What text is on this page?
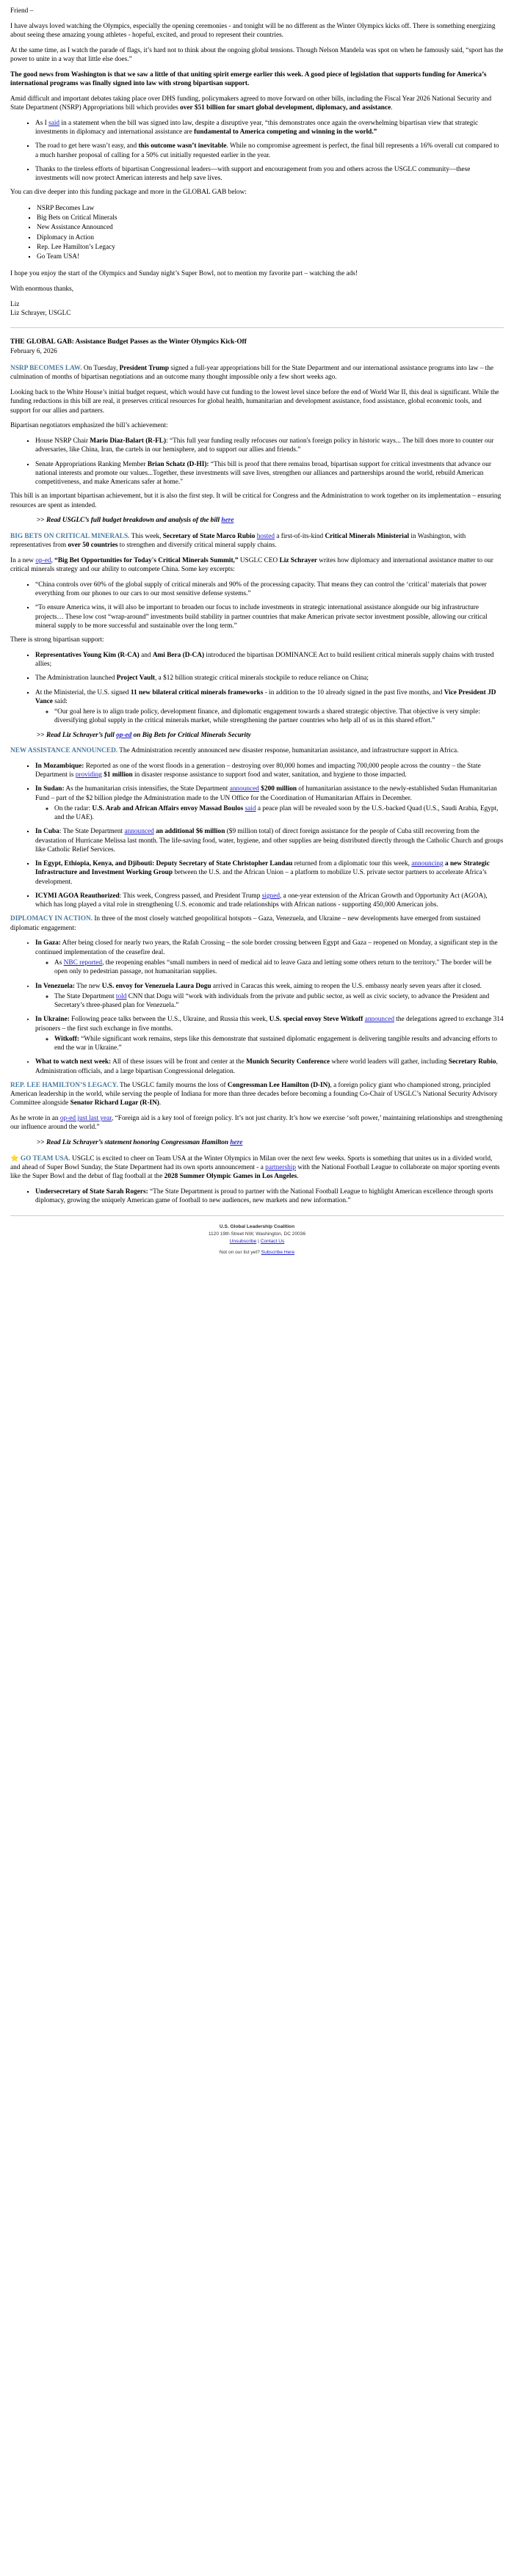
Friend –

I have always loved watching the Olympics, especially the opening ceremonies - and tonight will be no different as the Winter Olympics kicks off. There is something energizing about seeing these amazing young athletes - hopeful, excited, and proud to represent their countries.

At the same time, as I watch the parade of flags, it’s hard not to think about the ongoing global tensions. Though Nelson Mandela was spot on when he famously said, “sport has the power to unite in a way that little else does.”

The good news from Washington is that we saw a little of that uniting spirit emerge earlier this week. A good piece of legislation that supports funding for America’s international programs was finally signed into law with strong bipartisan support.

Amid difficult and important debates taking place over DHS funding, policymakers agreed to move forward on other bills, including the Fiscal Year 2026 National Security and State Department (NSRP) Appropriations bill which provides over $51 billion for smart global development, diplomacy, and assistance.

▪ As I said in a statement when the bill was signed into law, despite a disruptive year, “this demonstrates once again the overwhelming bipartisan view that strategic investments in diplomacy and international assistance are fundamental to America competing and winning in the world.”
▪ The road to get here wasn’t easy, and this outcome wasn’t inevitable. While no compromise agreement is perfect, the final bill represents a 16% overall cut compared to a much harsher proposal of calling for a 50% cut initially requested earlier in the year.
▪ Thanks to the tireless efforts of bipartisan Congressional leaders—with support and encouragement from you and others across the USGLC community—these investments will now protect American interests and help save lives.

You can dive deeper into this funding package and more in the GLOBAL GAB below:

▪ NSRP Becomes Law
▪ Big Bets on Critical Minerals
▪ New Assistance Announced
▪ Diplomacy in Action
▪ Rep. Lee Hamilton’s Legacy
▪ Go Team USA!

I hope you enjoy the start of the Olympics and Sunday night’s Super Bowl, not to mention my favorite part – watching the ads!

With enormous thanks,

Liz

Liz Schrayer, USGLC

THE GLOBAL GAB: Assistance Budget Passes as the Winter Olympics Kick-Off

February 6, 2026

NSRP BECOMES LAW. On Tuesday, President Trump signed a full-year appropriations bill for the State Department and our international assistance programs into law – the culmination of months of bipartisan negotiations and an outcome many thought impossible only a few short weeks ago.

Looking back to the White House’s initial budget request, which would have cut funding to the lowest level since before the end of World War II, this deal is significant. While the funding reductions in this bill are real, it preserves critical resources for global health, humanitarian and development assistance, food assistance, global economic tools, and support for our allies and partners.

Bipartisan negotiators emphasized the bill’s achievement:

▪ House NSRP Chair Mario Diaz-Balart (R-FL): “This full year funding really refocuses our nation's foreign policy in historic ways... The bill does more to counter our adversaries, like China, Iran, the cartels in our hemisphere, and to support our allies and friends.”
▪ Senate Appropriations Ranking Member Brian Schatz (D-HI): “This bill is proof that there remains broad, bipartisan support for critical investments that advance our national interests and promote our values...Together, these investments will save lives, strengthen our alliances and partnerships around the world, rebuild American competitiveness, and make Americans safer at home."

This bill is an important bipartisan achievement, but it is also the first step. It will be critical for Congress and the Administration to work together on its implementation – ensuring resources are spent as intended.

>> Read USGLC’s full budget breakdown and analysis of the bill here

BIG BETS ON CRITICAL MINERALS. This week, Secretary of State Marco Rubio hosted a first-of-its-kind Critical Minerals Ministerial in Washington, with representatives from over 50 countries to strengthen and diversify critical mineral supply chains.

In a new op-ed, “Big Bet Opportunities for Today's Critical Minerals Summit,” USGLC CEO Liz Schrayer writes how diplomacy and international assistance matter to our critical minerals strategy and our ability to outcompete China. Some key excerpts:

▪ “China controls over 60% of the global supply of critical minerals and 90% of the processing capacity. That means they can control the ‘critical’ materials that power everything from our phones to our cars to our most sensitive defense systems.”
▪ “To ensure America wins, it will also be important to broaden our focus to include investments in strategic international assistance alongside our big infrastructure projects… These low cost “wrap-around” investments build stability in partner countries that make American private sector investment possible, allowing our critical mineral supply to be more successful and sustainable over the long term.”

There is strong bipartisan support:

▪ Representatives Young Kim (R-CA) and Ami Bera (D-CA) introduced the bipartisan DOMINANCE Act to build resilient critical minerals supply chains with trusted allies;
▪ The Administration launched Project Vault, a $12 billion strategic critical minerals stockpile to reduce reliance on China;
▪ At the Ministerial, the U.S. signed 11 new bilateral critical minerals frameworks - in addition to the 10 already signed in the past five months, and Vice President JD Vance said:
◦ “Our goal here is to align trade policy, development finance, and diplomatic engagement towards a shared strategic objective. That objective is very simple: diversifying global supply in the critical minerals market, while strengthening the partner countries who help all of us in this shared effort.”

>> Read Liz Schrayer’s full op-ed on Big Bets for Critical Minerals Security

NEW ASSISTANCE ANNOUNCED. The Administration recently announced new disaster response, humanitarian assistance, and infrastructure support in Africa.

▪ In Mozambique: Reported as one of the worst floods in a generation – destroying over 80,000 homes and impacting 700,000 people across the country – the State Department is providing $1 million in disaster response assistance to support food and water, sanitation, and hygiene to those impacted.
▪ In Sudan: As the humanitarian crisis intensifies, the State Department announced $200 million of humanitarian assistance to the newly-established Sudan Humanitarian Fund – part of the $2 billion pledge the Administration made to the UN Office for the Coordination of Humanitarian Affairs in December.
◦ On the radar: U.S. Arab and African Affairs envoy Massad Boulos said a peace plan will be revealed soon by the U.S.-backed Quad (U.S., Saudi Arabia, Egypt, and the UAE).
▪ In Cuba: The State Department announced an additional $6 million ($9 million total) of direct foreign assistance for the people of Cuba still recovering from the devastation of Hurricane Melissa last month. The life-saving food, water, hygiene, and other supplies are being distributed directly through the Catholic Church and groups like Catholic Relief Services.
▪ In Egypt, Ethiopia, Kenya, and Djibouti: Deputy Secretary of State Christopher Landau returned from a diplomatic tour this week, announcing a new Strategic Infrastructure and Investment Working Group between the U.S. and the African Union – a platform to mobilize U.S. private sector partners to accelerate Africa’s development.
▪ ICYMI AGOA Reauthorized: This week, Congress passed, and President Trump signed, a one-year extension of the African Growth and Opportunity Act (AGOA), which has long played a vital role in strengthening U.S. economic and trade relationships with African nations - supporting 450,000 American jobs.

DIPLOMACY IN ACTION. In three of the most closely watched geopolitical hotspots – Gaza, Venezuela, and Ukraine – new developments have emerged from sustained diplomatic engagement:

• In Gaza: After being closed for nearly two years, the Rafah Crossing – the sole border crossing between Egypt and Gaza – reopened on Monday, a significant step in the continued implementation of the ceasefire deal.
◦ As NBC reported, the reopening enables “small numbers in need of medical aid to leave Gaza and letting some others return to the territory." The border will be open only to pedestrian passage, not humanitarian supplies.
• In Venezuela: The new U.S. envoy for Venezuela Laura Dogu arrived in Caracas this week, aiming to reopen the U.S. embassy nearly seven years after it closed.
◦ The State Department told CNN that Dogu will “work with individuals from the private and public sector, as well as civic society, to advance the President and Secretary’s three-phased plan for Venezuela.”
• In Ukraine: Following peace talks between the U.S., Ukraine, and Russia this week, U.S. special envoy Steve Witkoff announced the delegations agreed to exchange 314 prisoners – the first such exchange in five months.
◦ Witkoff: “While significant work remains, steps like this demonstrate that sustained diplomatic engagement is delivering tangible results and advancing efforts to end the war in Ukraine.”
• What to watch next week: All of these issues will be front and center at the Munich Security Conference where world leaders will gather, including Secretary Rubio, Administration officials, and a large bipartisan Congressional delegation.

REP. LEE HAMILTON’S LEGACY. The USGLC family mourns the loss of Congressman Lee Hamilton (D-IN), a foreign policy giant who championed strong, principled American leadership in the world, while serving the people of Indiana for more than three decades before becoming a founding Co-Chair of USGLC’s National Security Advisory Committee alongside Senator Richard Lugar (R-IN).

As he wrote in an op-ed just last year, “Foreign aid is a key tool of foreign policy. It’s not just charity. It’s how we exercise ‘soft power,’ maintaining relationships and strengthening our influence around the world.”

>> Read Liz Schrayer’s statement honoring Congressman Hamilton here

⭐ GO TEAM USA. USGLC is excited to cheer on Team USA at the Winter Olympics in Milan over the next few weeks. Sports is something that unites us in a divided world, and ahead of Super Bowl Sunday, the State Department had its own sports announcement - a partnership with the National Football League to collaborate on major sporting events like the Super Bowl and the debut of flag football at the 2028 Summer Olympic Games in Los Angeles.

▪ Undersecretary of State Sarah Rogers: “The State Department is proud to partner with the National Football League to highlight American excellence through sports diplomacy, growing the uniquely American game of football to new audiences, new markets and new information.”
U.S. Global Leadership Coalition
1120 19th Street NW, Washington, DC 20036
Unsubscribe | Contact Us
Not on our list yet? Subscribe Here
